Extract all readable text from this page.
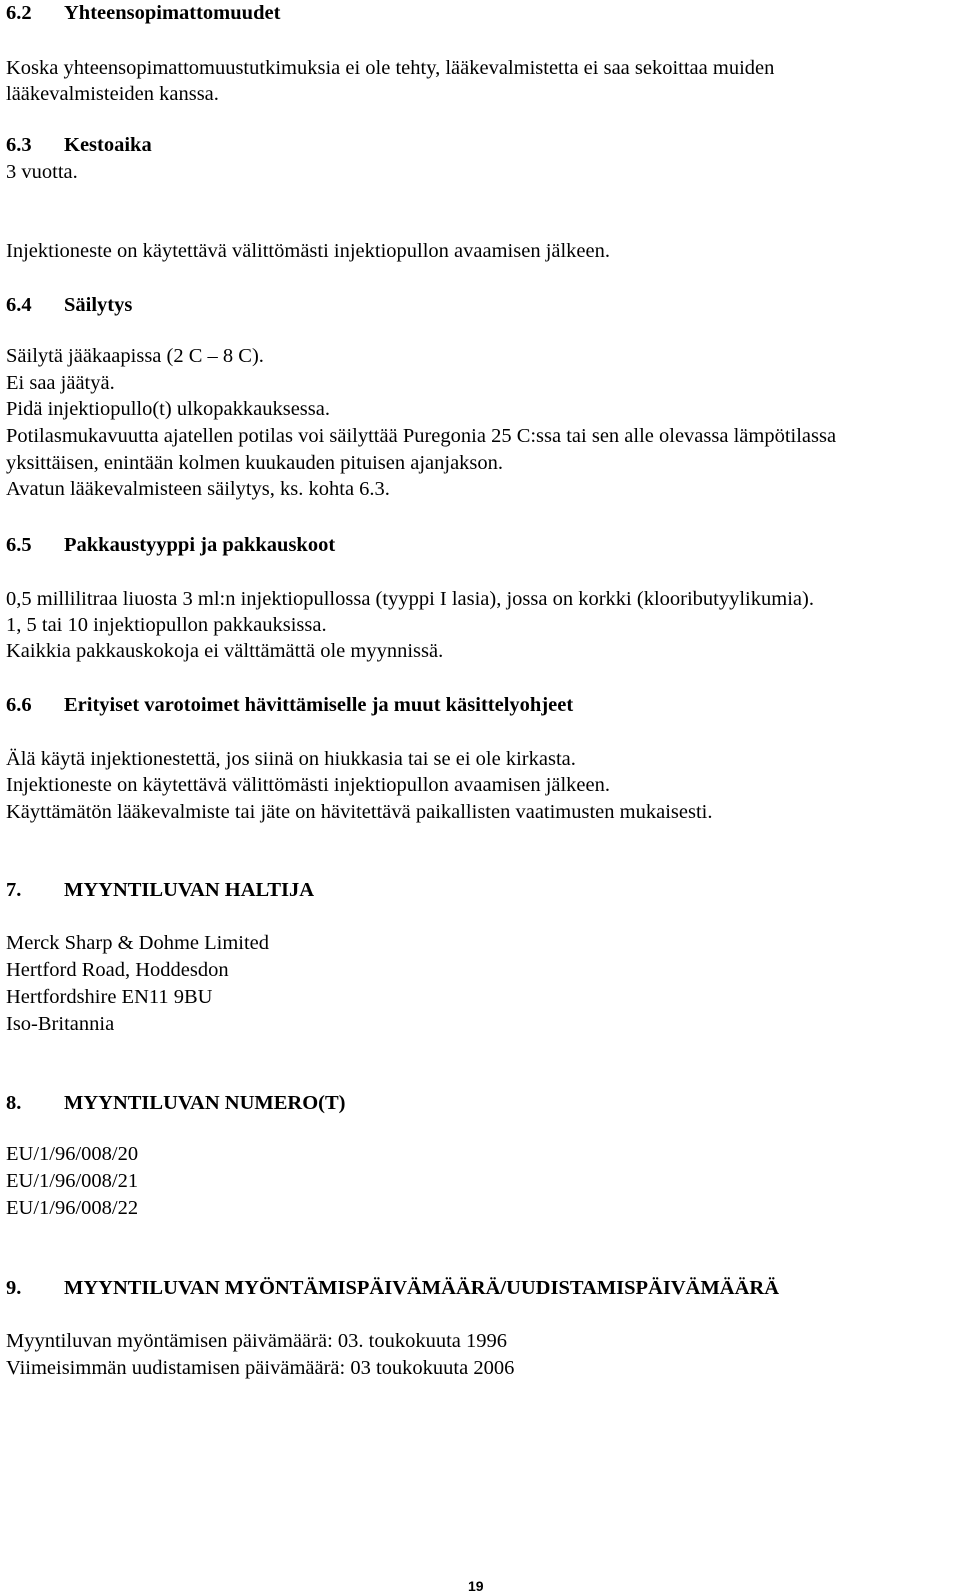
6.2 Yhteensopimattomuudet
Koska yhteensopimattomuustutkimuksia ei ole tehty, lääkevalmistetta ei saa sekoittaa muiden
lääkevalmisteiden kanssa.
6.3 Kestoaika
3 vuotta.
Injektioneste on käytettävä välittömästi injektiopullon avaamisen jälkeen.
6.4 Säilytys
Säilytä jääkaapissa (2 C – 8 C).
Ei saa jäätyä.
Pidä injektiopullo(t) ulkopakkauksessa.
Potilasmukavuutta ajatellen potilas voi säilyttää Puregonia 25 C:ssa tai sen alle olevassa lämpötilassa
yksittäisen, enintään kolmen kuukauden pituisen ajanjakson.
Avatun lääkevalmisteen säilytys, ks. kohta 6.3.
6.5 Pakkaustyyppi ja pakkauskoot
0,5 millilitraa liuosta 3 ml:n injektiopullossa (tyyppi I lasia), jossa on korkki (klooributyylikumia).
1, 5 tai 10 injektiopullon pakkauksissa.
Kaikkia pakkauskokoja ei välttämättä ole myynnissä.
6.6 Erityiset varotoimet hävittämiselle ja muut käsittelyohjeet
Älä käytä injektionestettä, jos siinä on hiukkasia tai se ei ole kirkasta.
Injektioneste on käytettävä välittömästi injektiopullon avaamisen jälkeen.
Käyttämätön lääkevalmiste tai jäte on hävitettävä paikallisten vaatimusten mukaisesti.
7. MYYNTILUVAN HALTIJA
Merck Sharp & Dohme Limited
Hertford Road, Hoddesdon
Hertfordshire EN11 9BU
Iso-Britannia
8. MYYNTILUVAN NUMERO(T)
EU/1/96/008/20
EU/1/96/008/21
EU/1/96/008/22
9. MYYNTILUVAN MYÖNTÄMISPÄIVÄMÄÄRÄ/UUDISTAMISPÄIVÄMÄÄRÄ
Myyntiluvan myöntämisen päivämäärä: 03. toukokuuta 1996
Viimeisimmän uudistamisen päivämäärä: 03 toukokuuta 2006
19
